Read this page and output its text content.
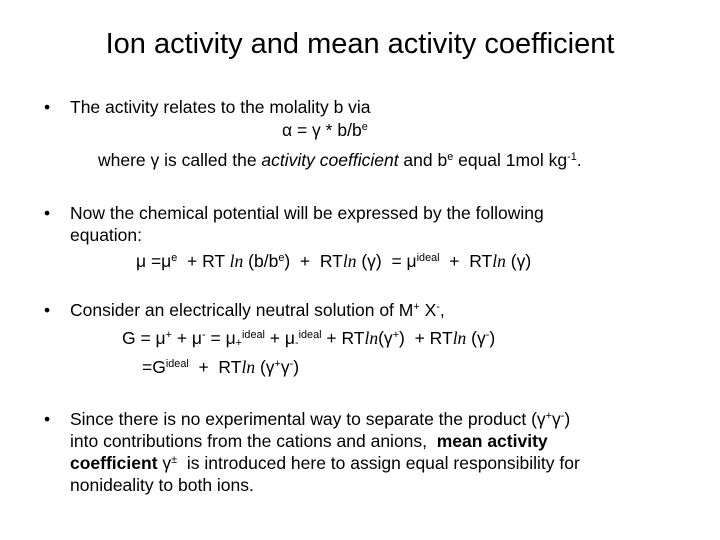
Ion activity and mean activity coefficient
• The activity relates to the molality b via
$\alpha = \gamma * b/b^e$
where γ is called the activity coefficient and $b^e$ equal 1mol $kg^{-1}$.
• Now the chemical potential will be expressed by the following
equation:
$\mu =\mu^e$  + RT $\ln (b/b^e) + RTln$ $(\gamma) = \mu^{ideal} + RTln$ (γ)
• Consider an electrically neutral solution of M+ X-,
$G = \mu^+ + \mu^- = \mu_+^{ideal} + \mu_-^{ideal} + RTln(\gamma^+) + RTln$ (γ-)
$=G^{ideal} + RTln$ (γ+γ-)
• Since there is no experimental way to separate the product (γ+γ-)
into contributions from the cations and anions,  mean activity
coefficient γ±  is introduced here to assign equal responsibility for
nonideality to both ions.
